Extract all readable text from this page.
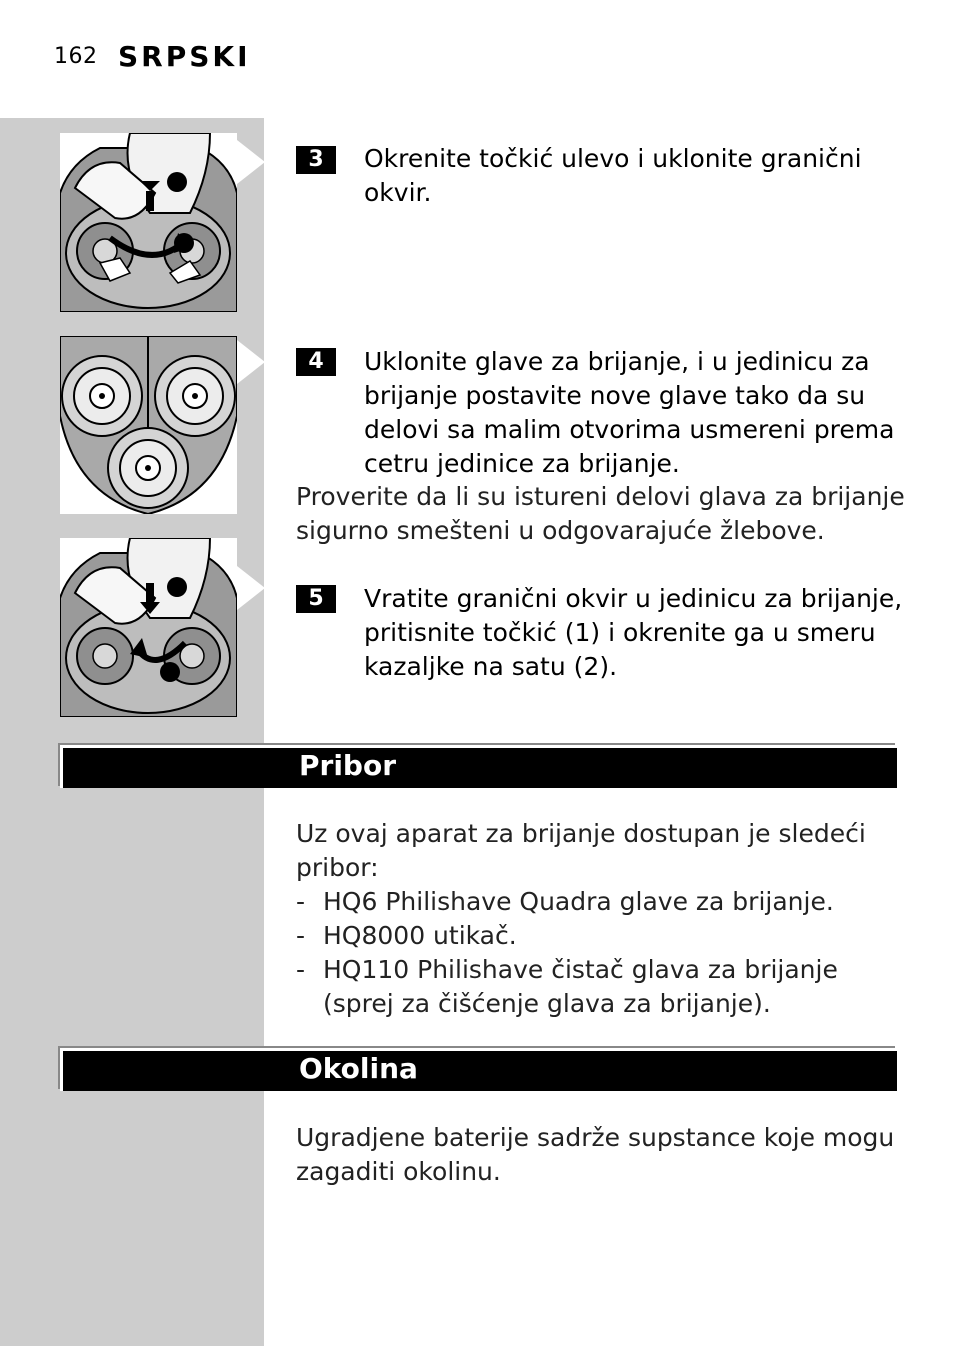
162 SRPSKI
3	Okrenite točkić ulevo i uklonite granični okvir.
4	Uklonite glave za brijanje, i u jedinicu za brijanje postavite nove glave tako da su delovi sa malim otvorima usmereni prema cetru jedinice za brijanje.
Proverite da li su istureni delovi glava za brijanje sigurno smešteni u odgovarajuće žlebove.
5	Vratite granični okvir u jedinicu za brijanje, pritisnite točkić (1) i okrenite ga u smeru kazaljke na satu (2).
Pribor
Uz ovaj aparat za brijanje dostupan je sledeći pribor:
- HQ6 Philishave Quadra glave za brijanje.
- HQ8000 utikač.
- HQ110 Philishave čistač glava za brijanje (sprej za čišćenje glava za brijanje).
Okolina
Ugradjene baterije sadrže supstance koje mogu zagaditi okolinu.
